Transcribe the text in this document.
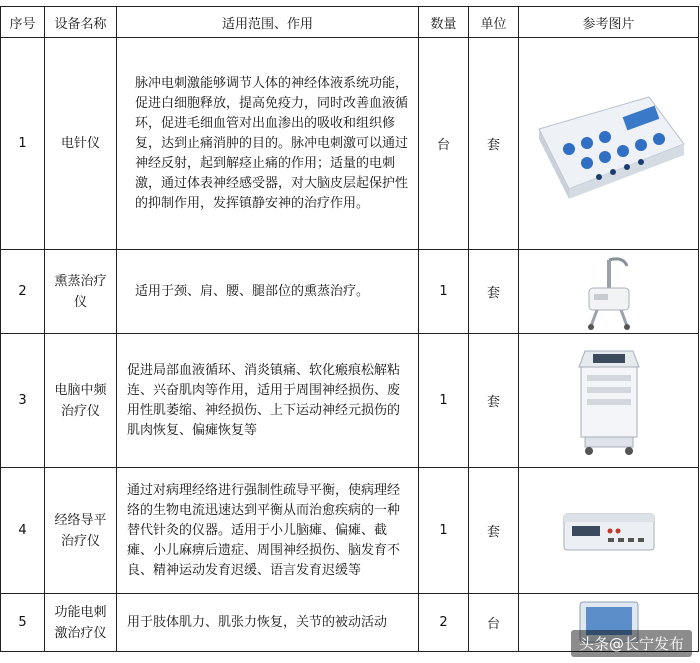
序号	设备名称	适用范围、作用	数量	单位	参考图片
1	电针仪	脉冲电刺激能够调节人体的神经体液系统功能，促进白细胞释放，提高免疫力，同时改善血液循环，促进毛细血管对出血渗出的吸收和组织修复，达到止痛消肿的目的。脉冲电刺激可以通过神经反射，起到解痉止痛的作用；适量的电刺激，通过体表神经感受器，对大脑皮层起保护性的抑制作用，发挥镇静安神的治疗作用。	台	套	

2	熏蒸治疗仪	适用于颈、肩、腰、腿部位的熏蒸治疗。	1	套	

3	电脑中频治疗仪	促进局部血液循环、消炎镇痛、软化瘢痕松解粘连、兴奋肌肉等作用，适用于周围神经损伤、废用性肌萎缩、神经损伤、上下运动神经元损伤的肌肉恢复、偏瘫恢复等	1	套	

4	经络导平治疗仪	通过对病理经络进行强制性疏导平衡，使病理经络的生物电流迅速达到平衡从而治愈疾病的一种替代针灸的仪器。适用于小儿脑瘫、偏瘫、截瘫、小儿麻痹后遗症、周围神经损伤、脑发育不良、精神运动发育迟缓、语言发育迟缓等	1	套	

5	功能电刺激治疗仪	用于肢体肌力、肌张力恢复，关节的被动活动	2	台	
头条@长宁发布
